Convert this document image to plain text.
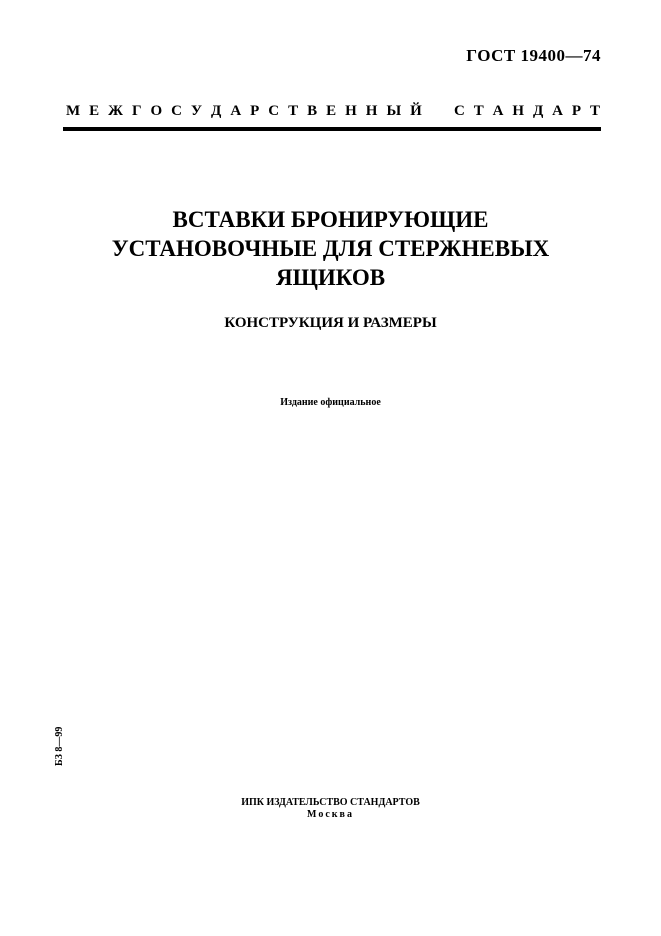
ГОСТ 19400—74
М Е Ж Г О С У Д А Р С Т В Е Н Н Ы Й С Т А Н Д А Р Т
ВСТАВКИ БРОНИРУЮЩИЕ
УСТАНОВОЧНЫЕ ДЛЯ СТЕРЖНЕВЫХ
ЯЩИКОВ
КОНСТРУКЦИЯ И РАЗМЕРЫ
Издание официальное
БЗ 8—99
ИПК ИЗДАТЕЛЬСТВО СТАНДАРТОВ
Москва
